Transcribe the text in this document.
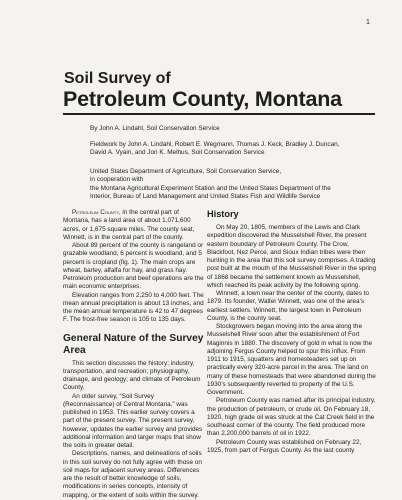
1
Soil Survey of
Petroleum County, Montana

By John A. Lindahl, Soil Conservation Service

Fieldwork by John A. Lindahl, Robert E. Wegmann, Thomas J. Keck, Bradley J. Duncan,

David A. Vyain, and Jon K. Melhus, Soil Conservation Service

United States Department of Agriculture, Soil Conservation Service,

in cooperation with

the Montana Agricultural Experiment Station and the United States Department of the

Interior, Bureau of Land Management and United States Fish and Wildlife Service

Petroleum County, in the central part of Montana, has a land area of about 1,071,600 acres, or 1,675 square miles. The county seat, Winnett, is in the central part of the county.

About 89 percent of the county is rangeland or grazable woodland, 6 percent is woodland, and 5 percent is cropland (fig. 1). The main crops are wheat, barley, alfalfa for hay, and grass hay. Petroleum production and beef operations are the main economic enterprises.

Elevation ranges from 2,250 to 4,000 feet. The mean annual precipitation is about 13 inches, and the mean annual temperature is 42 to 47 degrees F. The frost-free season is 105 to 135 days.

General Nature of the Survey Area

This section discusses the history; industry, transportation, and recreation; physiography, drainage, and geology; and climate of Petroleum County.

An older survey, “Soil Survey (Reconnaissance) of Central Montana,” was published in 1953. This earlier survey covers a part of the present survey. The present survey, however, updates the earlier survey and provides additional information and larger maps that show the soils in greater detail.

Descriptions, names, and delineations of soils in this soil survey do not fully agree with those on soil maps for adjacent survey areas. Differences are the result of better knowledge of soils, modifications in series concepts, intensity of mapping, or the extent of soils within the survey.

History

On May 20, 1805, members of the Lewis and Clark expedition discovered the Musselshell River, the present eastern boundary of Petroleum County. The Crow, Blackfoot, Nez Perce, and Sioux Indian tribes were then hunting in the area that this soil survey comprises. A trading post built at the mouth of the Musselshell River in the spring of 1868 became the settlement known as Musselshell, which reached its peak activity by the following spring.

Winnett, a town near the center of the county, dates to 1879. Its founder, Walter Winnett, was one of the area’s earliest settlers. Winnett, the largest town in Petroleum County, is the county seat.

Stockgrowers began moving into the area along the Musselshell River soon after the establishment of Fort Maginnis in 1880. The discovery of gold in what is now the adjoining Fergus County helped to spur this influx. From 1911 to 1915, squatters and homesteaders set up on practically every 320-acre parcel in the area. The land on many of these homesteads that were abandoned during the 1930’s subsequently reverted to property of the U.S. Government.

Petroleum County was named after its principal industry, the production of petroleum, or crude oil. On February 18, 1920, high grade oil was struck at the Cat Creek field in the southeast corner of the county. The field produced more than 2,200,000 barrels of oil in 1922.

Petroleum County was established on February 22, 1925, from part of Fergus County. As the last county
